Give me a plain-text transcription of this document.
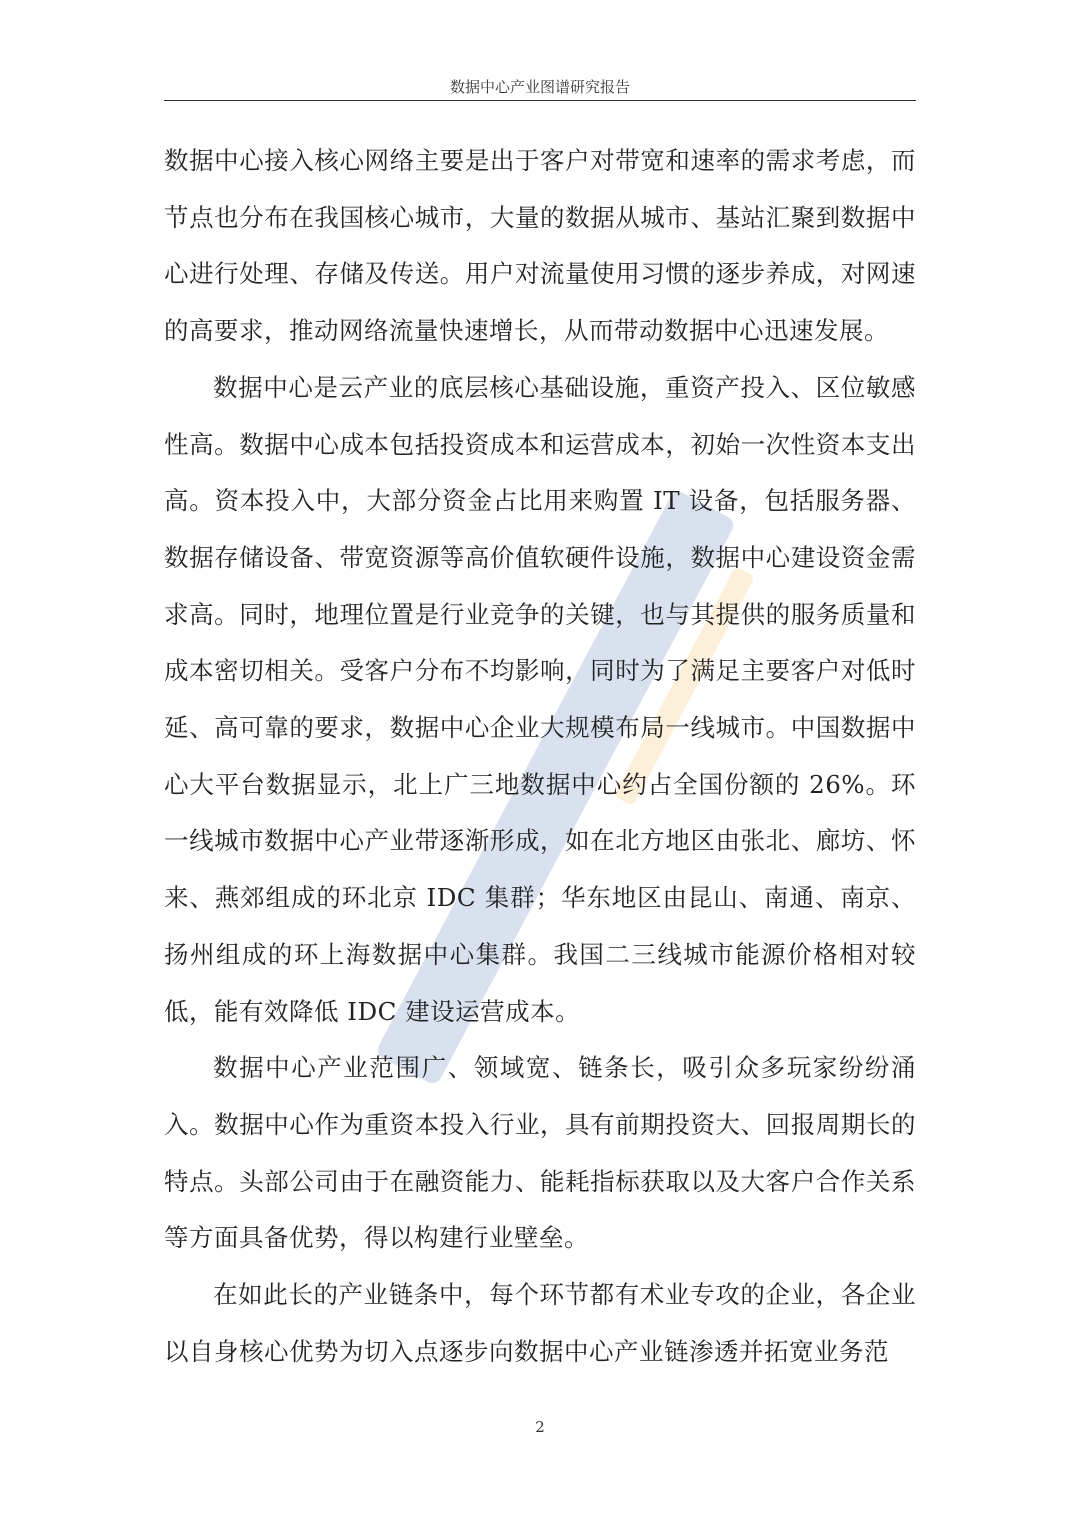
数据中心产业图谱研究报告

数据中心接入核心网络主要是出于客户对带宽和速率的需求考虑，而节点也分布在我国核心城市，大量的数据从城市、基站汇聚到数据中心进行处理、存储及传送。用户对流量使用习惯的逐步养成，对网速的高要求，推动网络流量快速增长，从而带动数据中心迅速发展。

数据中心是云产业的底层核心基础设施，重资产投入、区位敏感性高。数据中心成本包括投资成本和运营成本，初始一次性资本支出高。资本投入中，大部分资金占比用来购置 IT 设备，包括服务器、数据存储设备、带宽资源等高价值软硬件设施，数据中心建设资金需求高。同时，地理位置是行业竞争的关键，也与其提供的服务质量和成本密切相关。受客户分布不均影响，同时为了满足主要客户对低时延、高可靠的要求，数据中心企业大规模布局一线城市。中国数据中心大平台数据显示，北上广三地数据中心约占全国份额的 26%。环一线城市数据中心产业带逐渐形成，如在北方地区由张北、廊坊、怀来、燕郊组成的环北京 IDC 集群；华东地区由昆山、南通、南京、扬州组成的环上海数据中心集群。我国二三线城市能源价格相对较低，能有效降低 IDC 建设运营成本。

数据中心产业范围广、领域宽、链条长，吸引众多玩家纷纷涌入。数据中心作为重资本投入行业，具有前期投资大、回报周期长的特点。头部公司由于在融资能力、能耗指标获取以及大客户合作关系等方面具备优势，得以构建行业壁垒。

在如此长的产业链条中，每个环节都有术业专攻的企业，各企业以自身核心优势为切入点逐步向数据中心产业链渗透并拓宽业务范

2
